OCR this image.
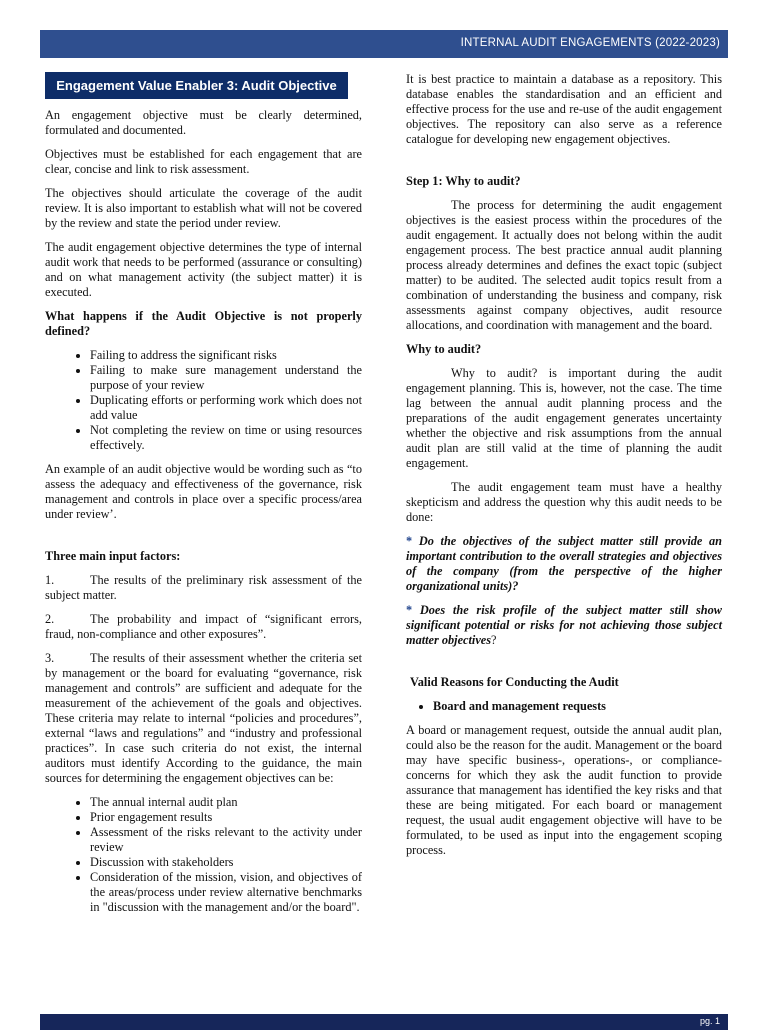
INTERNAL AUDIT ENGAGEMENTS (2022-2023)
Engagement Value Enabler 3: Audit Objective

An engagement objective must be clearly determined, formulated and documented.

Objectives must be established for each engagement that are clear, concise and link to risk assessment.

The objectives should articulate the coverage of the audit review. It is also important to establish what will not be covered by the review and state the period under review.

The audit engagement objective determines the type of internal audit work that needs to be performed (assurance or consulting) and on what management activity (the subject matter) it is executed.

What happens if the Audit Objective is not properly defined?

• Failing to address the significant risks
• Failing to make sure management understand the purpose of your review
• Duplicating efforts or performing work which does not add value
• Not completing the review on time or using resources effectively.

An example of an audit objective would be wording such as “to assess the adequacy and effectiveness of the governance, risk management and controls in place over a specific process/area under review’.

Three main input factors:

1.	The results of the preliminary risk assessment of the subject matter.

2.	The probability and impact of “significant errors, fraud, non-compliance and other exposures”.

3.	The results of their assessment whether the criteria set by management or the board for evaluating “governance, risk management and controls” are sufficient and adequate for the measurement of the achievement of the goals and objectives. These criteria may relate to internal “policies and procedures”, external “laws and regulations” and “industry and professional practices”. In case such criteria do not exist, the internal auditors must identify According to the guidance, the main sources for determining the engagement objectives can be:

• The annual internal audit plan
• Prior engagement results
• Assessment of the risks relevant to the activity under review
• Discussion with stakeholders
• Consideration of the mission, vision, and objectives of the areas/process under review alternative benchmarks in "discussion with the management and/or the board".

It is best practice to maintain a database as a repository. This database enables the standardisation and an efficient and effective process for the use and re-use of the audit engagement objectives. The repository can also serve as a reference catalogue for developing new engagement objectives.

Step 1: Why to audit?

The process for determining the audit engagement objectives is the easiest process within the procedures of the audit engagement. It actually does not belong within the audit engagement process. The best practice annual audit planning process already determines and defines the exact topic (subject matter) to be audited. The selected audit topics result from a combination of understanding the business and company, risk assessments against company objectives, audit resource allocations, and coordination with management and the board.

Why to audit?

Why to audit? is important during the audit engagement planning. This is, however, not the case. The time lag between the annual audit planning process and the preparations of the audit engagement generates uncertainty whether the objective and risk assumptions from the annual audit plan are still valid at the time of planning the audit engagement.

The audit engagement team must have a healthy skepticism and address the question why this audit needs to be done:

* Do the objectives of the subject matter still provide an important contribution to the overall strategies and objectives of the company (from the perspective of the higher organizational units)?

* Does the risk profile of the subject matter still show significant potential or risks for not achieving those subject matter objectives?

Valid Reasons for Conducting the Audit

• Board and management requests

A board or management request, outside the annual audit plan, could also be the reason for the audit. Management or the board may have specific business-, operations-, or compliance- concerns for which they ask the audit function to provide assurance that management has identified the key risks and that these are being mitigated. For each board or management request, the usual audit engagement objective will have to be formulated, to be used as input into the engagement scoping process.

pg. 1
